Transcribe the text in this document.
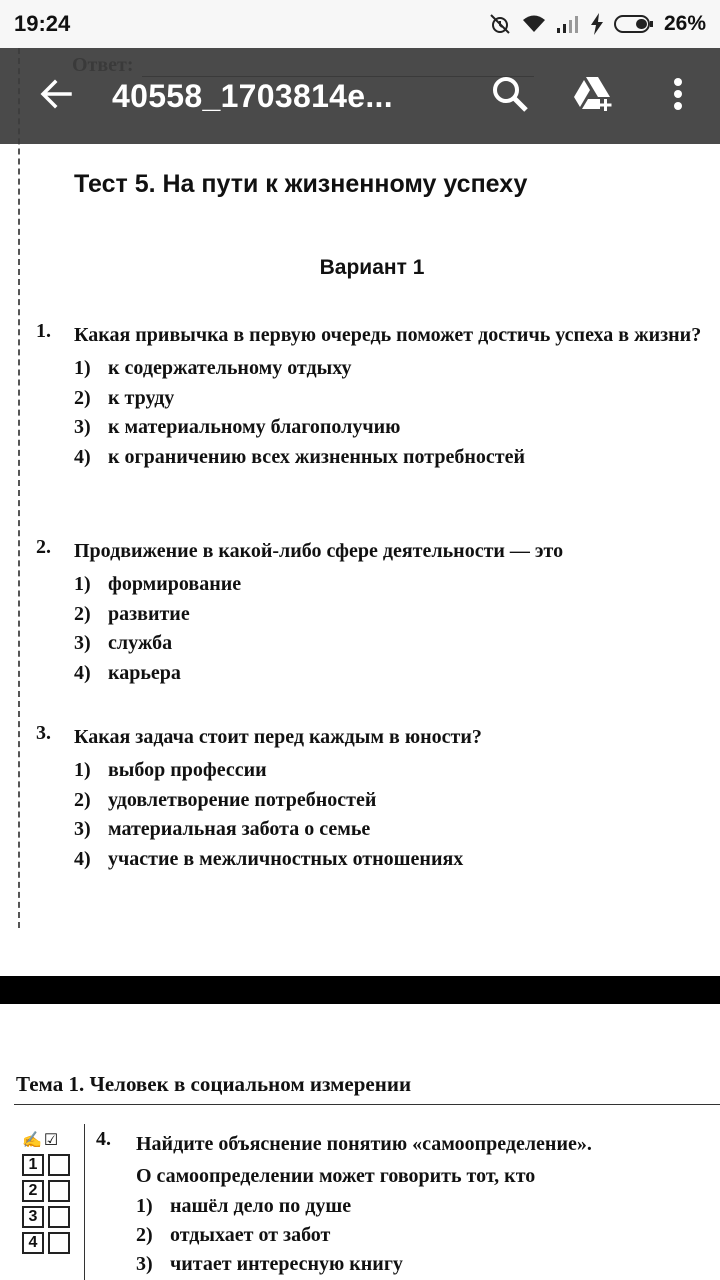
19:24	26%
40558_1703814e...
Тест 5. На пути к жизненному успеху
Вариант 1
1. Какая привычка в первую очередь поможет достичь успеха в жизни?
1) к содержательному отдыху
2) к труду
3) к материальному благополучию
4) к ограничению всех жизненных потребностей
2. Продвижение в какой-либо сфере деятельности — это
1) формирование
2) развитие
3) служба
4) карьера
3. Какая задача стоит перед каждым в юности?
1) выбор профессии
2) удовлетворение потребностей
3) материальная забота о семье
4) участие в межличностных отношениях
Тема 1. Человек в социальном измерении
✍☑
1
2
3
4
4. Найдите объяснение понятию «самоопределение».
О самоопределении может говорить тот, кто
1) нашёл дело по душе
2) отдыхает от забот
3) читает интересную книгу
